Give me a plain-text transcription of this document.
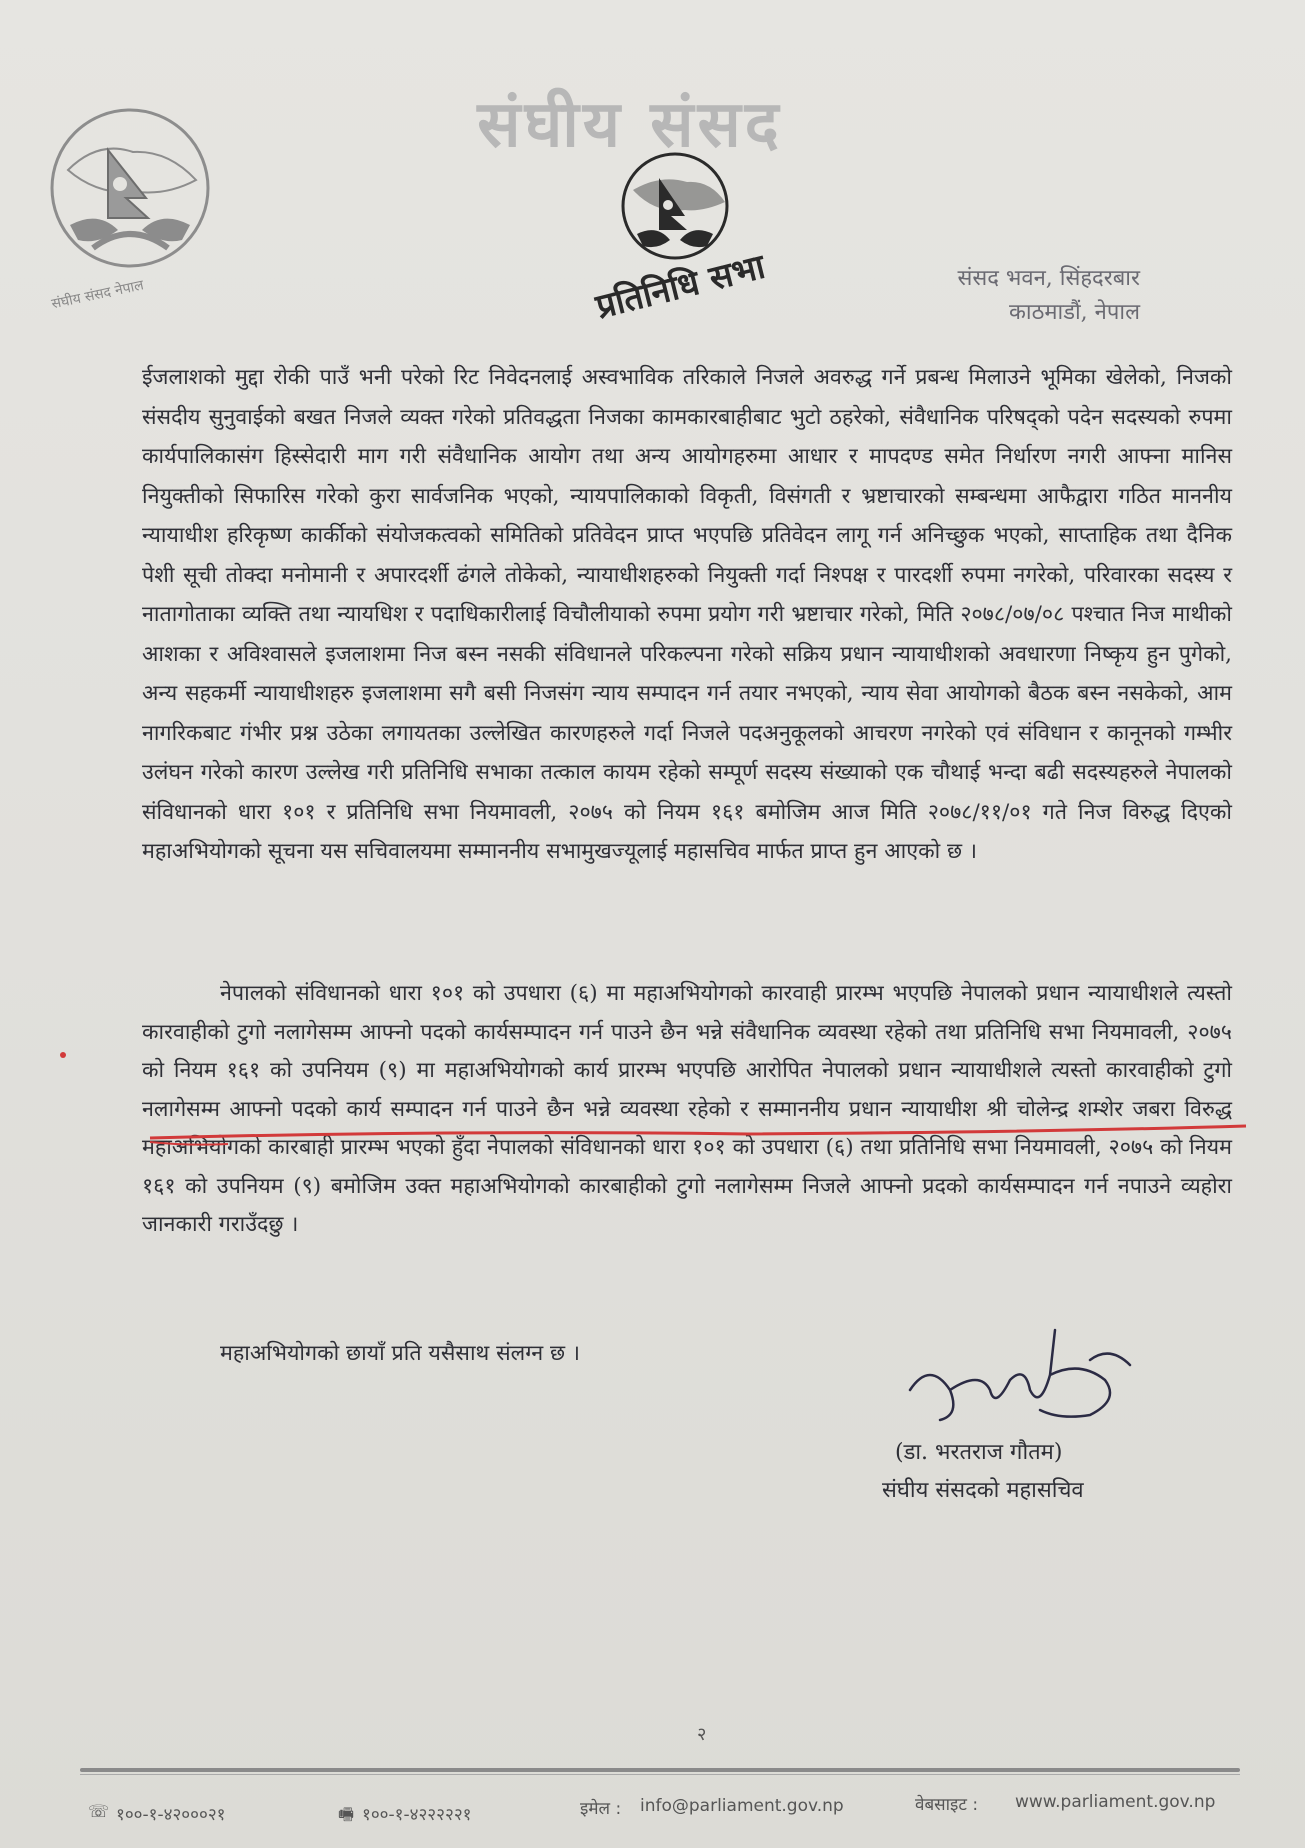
संघीय संसद
संघीय संसद नेपाल	प्रतिनिधि सभा	संसद भवन, सिंहदरबार
काठमाडौं, नेपाल

ईजलाशको मुद्दा रोकी पाउँ भनी परेको रिट निवेदनलाई अस्वभाविक तरिकाले निजले अवरुद्ध गर्ने प्रबन्ध मिलाउने भूमिका खेलेको, निजको संसदीय सुनुवाईको बखत निजले व्यक्त गरेको प्रतिवद्धता निजका कामकारबाहीबाट भुटो ठहरेको, संवैधानिक परिषद्को पदेन सदस्यको रुपमा कार्यपालिकासंग हिस्सेदारी माग गरी संवैधानिक आयोग तथा अन्य आयोगहरुमा आधार र मापदण्ड समेत निर्धारण नगरी आफ्ना मानिस नियुक्तीको सिफारिस गरेको कुरा सार्वजनिक भएको, न्यायपालिकाको विकृती, विसंगती र भ्रष्टाचारको सम्बन्धमा आफैद्वारा गठित माननीय न्यायाधीश हरिकृष्ण कार्कीको संयोजकत्वको समितिको प्रतिवेदन प्राप्त भएपछि प्रतिवेदन लागू गर्न अनिच्छुक भएको, साप्ताहिक तथा दैनिक पेशी सूची तोक्दा मनोमानी र अपारदर्शी ढंगले तोकेको, न्यायाधीशहरुको नियुक्ती गर्दा निश्पक्ष र पारदर्शी रुपमा नगरेको, परिवारका सदस्य र नातागोताका व्यक्ति तथा न्यायधिश र पदाधिकारीलाई विचौलीयाको रुपमा प्रयोग गरी भ्रष्टाचार गरेको, मिति २०७८/०७/०८ पश्चात निज माथीको आशका र अविश्वासले इजलाशमा निज बस्न नसकी संविधानले परिकल्पना गरेको सक्रिय प्रधान न्यायाधीशको अवधारणा निष्कृय हुन पुगेको, अन्य सहकर्मी न्यायाधीशहरु इजलाशमा सगै बसी निजसंग न्याय सम्पादन गर्न तयार नभएको, न्याय सेवा आयोगको बैठक बस्न नसकेको, आम नागरिकबाट गंभीर प्रश्न उठेका लगायतका उल्लेखित कारणहरुले गर्दा निजले पदअनुकूलको आचरण नगरेको एवं संविधान र कानूनको गम्भीर उलंघन गरेको कारण उल्लेख गरी प्रतिनिधि सभाका तत्काल कायम रहेको सम्पूर्ण सदस्य संख्याको एक चौथाई भन्दा बढी सदस्यहरुले नेपालको संविधानको धारा १०१ र प्रतिनिधि सभा नियमावली, २०७५ को नियम १६१ बमोजिम आज मिति २०७८/११/०१ गते निज विरुद्ध दिएको महाअभियोगको सूचना यस सचिवालयमा सम्माननीय सभामुखज्यूलाई महासचिव मार्फत प्राप्त हुन आएको छ ।

नेपालको संविधानको धारा १०१ को उपधारा (६) मा महाअभियोगको कारवाही प्रारम्भ भएपछि नेपालको प्रधान न्यायाधीशले त्यस्तो कारवाहीको टुगो नलागेसम्म आफ्नो पदको कार्यसम्पादन गर्न पाउने छैन भन्ने संवैधानिक व्यवस्था रहेको तथा प्रतिनिधि सभा नियमावली, २०७५ को नियम १६१ को उपनियम (९) मा महाअभियोगको कार्य प्रारम्भ भएपछि आरोपित नेपालको प्रधान न्यायाधीशले त्यस्तो कारवाहीको टुगो नलागेसम्म आफ्नो पदको कार्य सम्पादन गर्न पाउने छैन भन्ने व्यवस्था रहेको र सम्माननीय प्रधान न्यायाधीश श्री चोलेन्द्र शम्शेर जबरा विरुद्ध महाअभियोगको कारबाही प्रारम्भ भएको हुँदा नेपालको संविधानको धारा १०१ को उपधारा (६) तथा प्रतिनिधि सभा नियमावली, २०७५ को नियम १६१ को उपनियम (९) बमोजिम उक्त महाअभियोगको कारबाहीको टुगो नलागेसम्म निजले आफ्नो प्रदको कार्यसम्पादन गर्न नपाउने व्यहोरा जानकारी गराउँदछु ।
महाअभियोगको छायाँ प्रति यसैसाथ संलग्न छ ।
(डा. भरतराज गौतम)
संघीय संसदको महासचिव
२
☏ १००-१-४२०००२१	🖷 १००-१-४२२२२२१	इमेल : info@parliament.gov.np	वेबसाइट : www.parliament.gov.np
